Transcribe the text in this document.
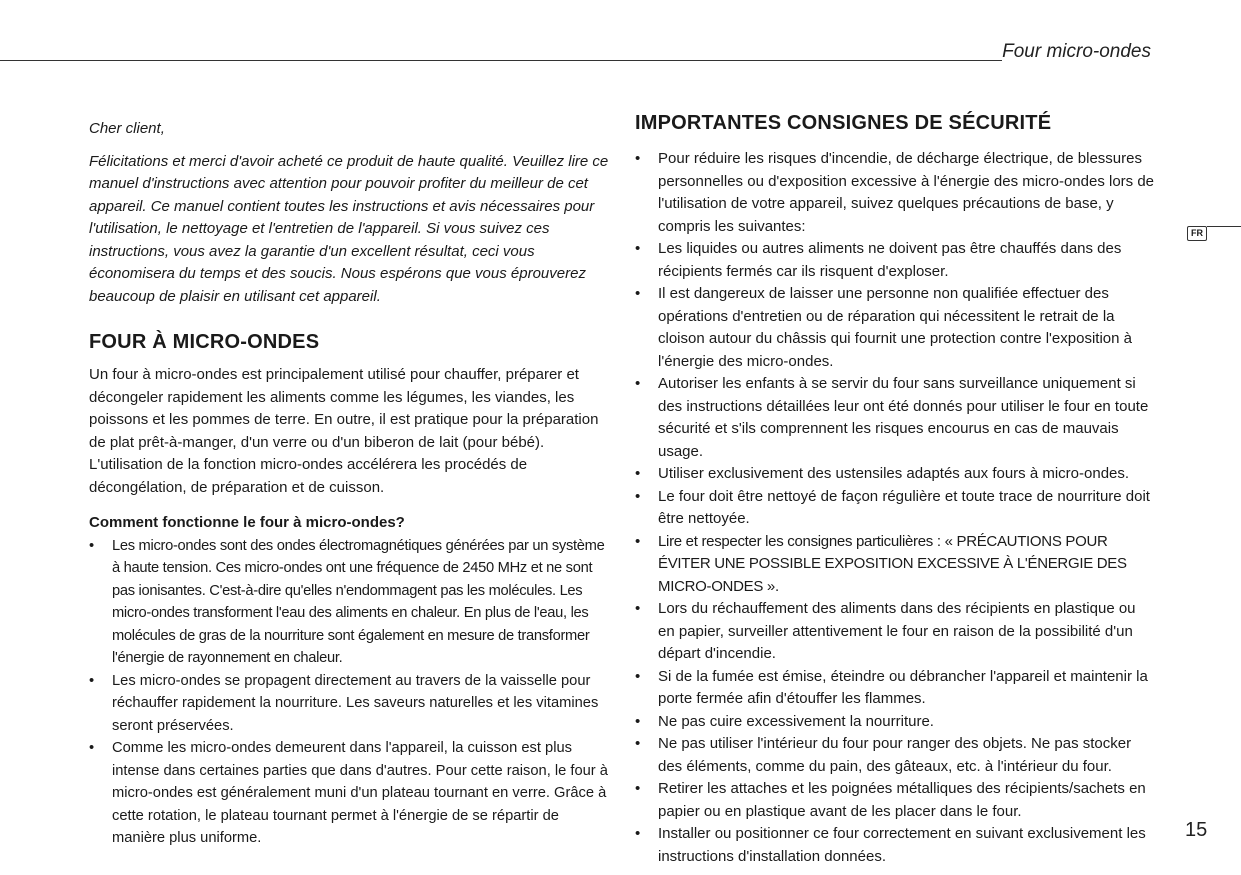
Four micro-ondes
FR
15

Cher client,

Félicitations et merci d'avoir acheté ce produit de haute qualité. Veuillez lire ce manuel d'instructions avec attention pour pouvoir profiter du meilleur de cet appareil. Ce manuel contient toutes les instructions et avis nécessaires pour l'utilisation, le nettoyage et l'entretien de l'appareil. Si vous suivez ces instructions, vous avez la garantie d'un excellent résultat, ceci vous économisera du temps et des soucis. Nous espérons que vous éprouverez beaucoup de plaisir en utilisant cet appareil.

FOUR À MICRO-ONDES

Un four à micro-ondes est principalement utilisé pour chauffer, préparer et décongeler rapidement les aliments comme les légumes, les viandes, les poissons et les pommes de terre. En outre, il est pratique pour la préparation de plat prêt-à-manger, d'un verre ou d'un biberon de lait (pour bébé). L'utilisation de la fonction micro-ondes accélérera les procédés de décongélation, de préparation et de cuisson.

Comment fonctionne le four à micro-ondes?
• Les micro-ondes sont des ondes électromagnétiques générées par un système à haute tension. Ces micro-ondes ont une fréquence de 2450 MHz et ne sont pas ionisantes. C'est-à-dire qu'elles n'endommagent pas les molécules. Les micro-ondes transforment l'eau des aliments en chaleur. En plus de l'eau, les molécules de gras de la nourriture sont également en mesure de transformer l'énergie de rayonnement en chaleur.
• Les micro-ondes se propagent directement au travers de la vaisselle pour réchauffer rapidement la nourriture. Les saveurs naturelles et les vitamines seront préservées.
• Comme les micro-ondes demeurent dans l'appareil, la cuisson est plus intense dans certaines parties que dans d'autres. Pour cette raison, le four à micro-ondes est généralement muni d'un plateau tournant en verre. Grâce à cette rotation, le plateau tournant permet à l'énergie de se répartir de manière plus uniforme.
IMPORTANTES CONSIGNES DE SÉCURITÉ
• Pour réduire les risques d'incendie, de décharge électrique, de blessures personnelles ou d'exposition excessive à l'énergie des micro-ondes lors de l'utilisation de votre appareil, suivez quelques précautions de base, y compris les suivantes:
• Les liquides ou autres aliments ne doivent pas être chauffés dans des récipients fermés car ils risquent d'exploser.
• Il est dangereux de laisser une personne non qualifiée effectuer des opérations d'entretien ou de réparation qui nécessitent le retrait de la cloison autour du châssis qui fournit une protection contre l'exposition à l'énergie des micro-ondes.
• Autoriser les enfants à se servir du four sans surveillance uniquement si des instructions détaillées leur ont été donnés pour utiliser le four en toute sécurité et s'ils comprennent les risques encourus en cas de mauvais usage.
• Utiliser exclusivement des ustensiles adaptés aux fours à micro-ondes.
• Le four doit être nettoyé de façon régulière et toute trace de nourriture doit être nettoyée.
• Lire et respecter les consignes particulières : « PRÉCAUTIONS POUR ÉVITER UNE POSSIBLE EXPOSITION EXCESSIVE À L'ÉNERGIE DES MICRO-ONDES ».
• Lors du réchauffement des aliments dans des récipients en plastique ou en papier, surveiller attentivement le four en raison de la possibilité d'un départ d'incendie.
• Si de la fumée est émise, éteindre ou débrancher l'appareil et maintenir la porte fermée afin d'étouffer les flammes.
• Ne pas cuire excessivement la nourriture.
• Ne pas utiliser l'intérieur du four pour ranger des objets. Ne pas stocker des éléments, comme du pain, des gâteaux, etc. à l'intérieur du four.
• Retirer les attaches et les poignées métalliques des récipients/sachets en papier ou en plastique avant de les placer dans le four.
• Installer ou positionner ce four correctement en suivant exclusivement les instructions d'installation données.
